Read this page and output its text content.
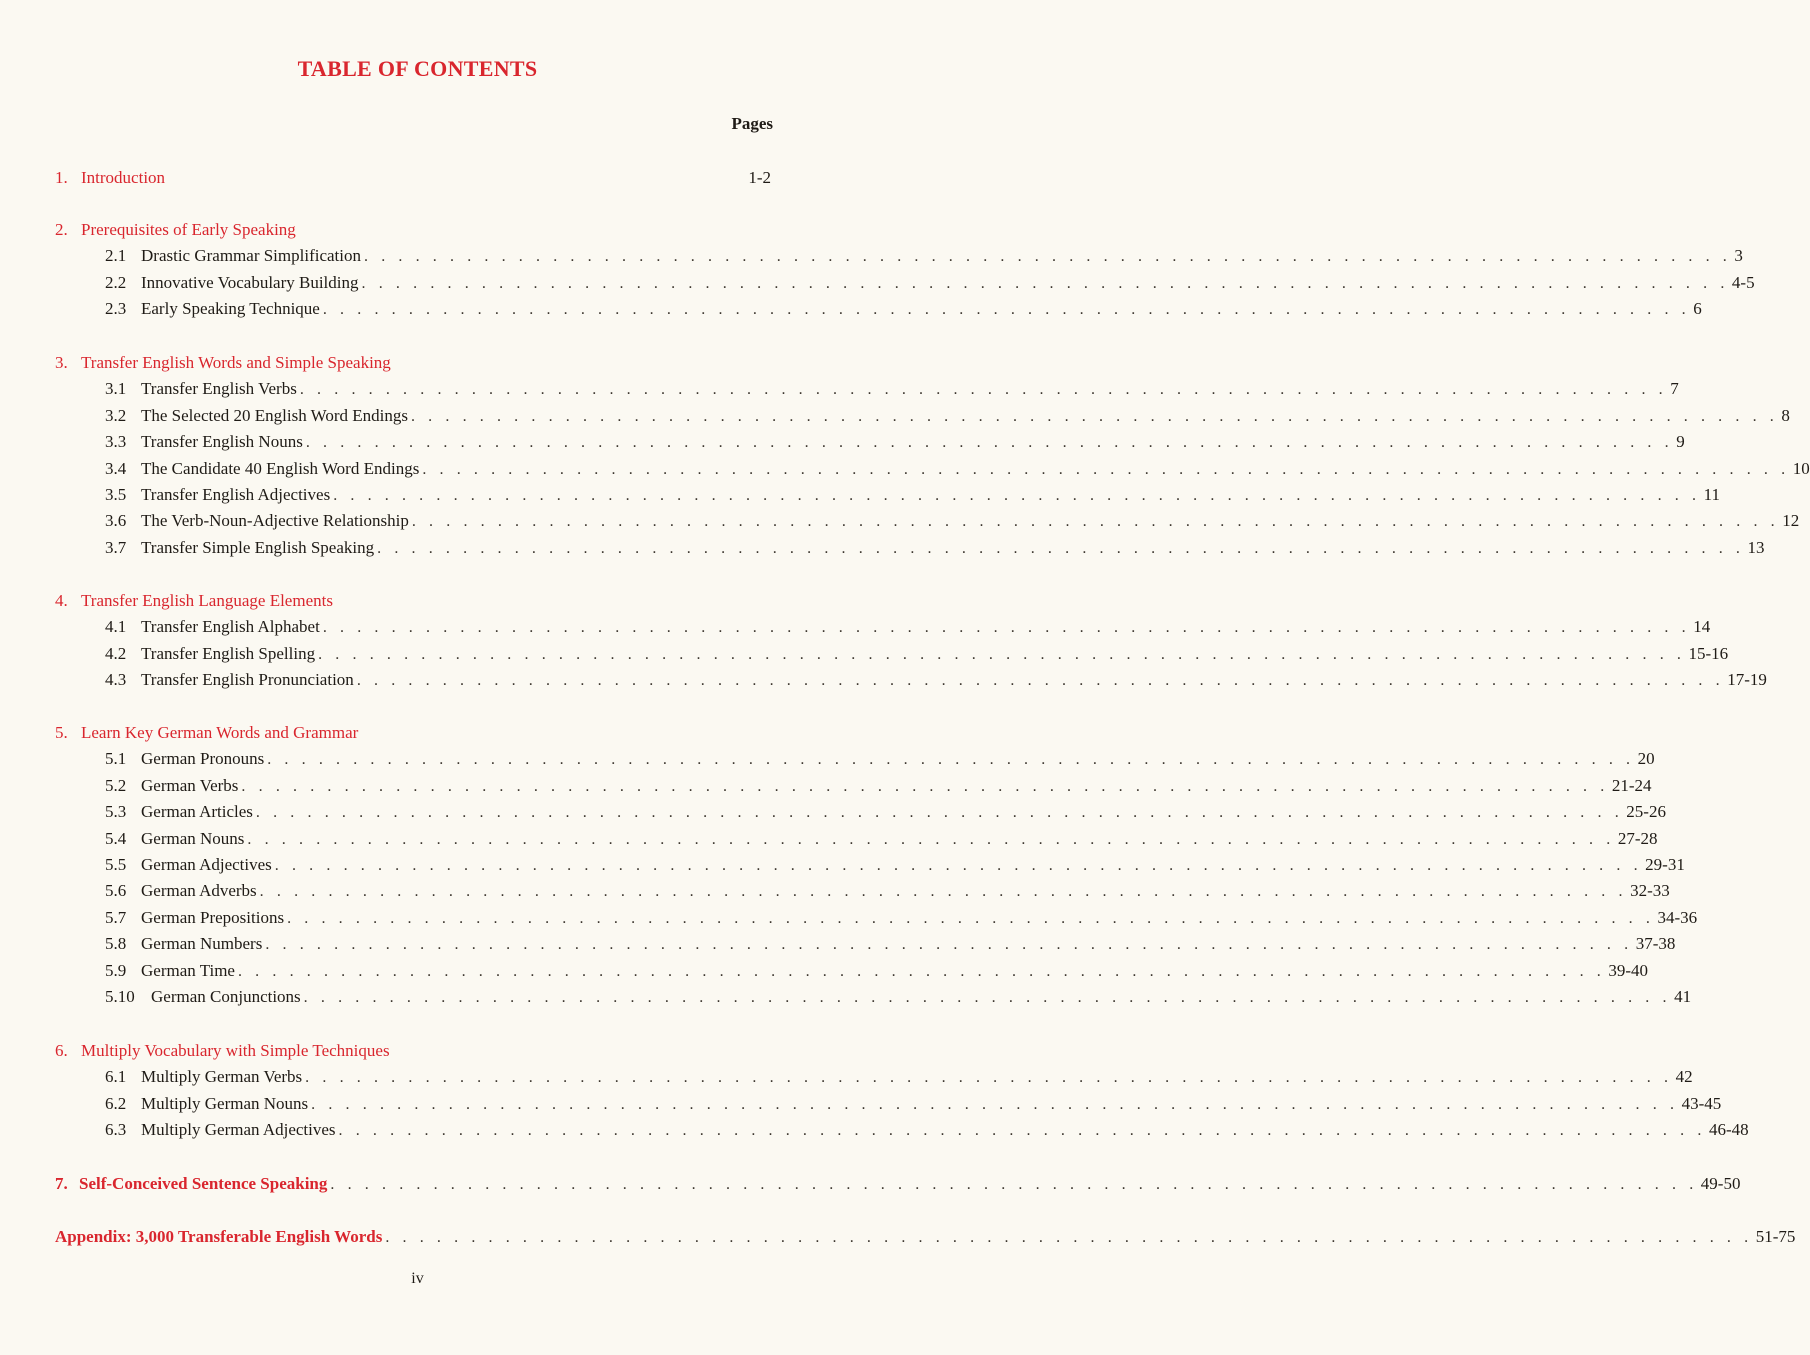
TABLE OF CONTENTS
Pages
1. Introduction	1-2
2. Prerequisites of Early Speaking
2.1 Drastic Grammar Simplification . . . . . . . . . . . . . . . . . . . . . . . . . . . . . . . . . . . . . . . . . . . . . . . . . . . . . . . . . . . . . . . . . . . . . . . . . . . . . . . . 3
2.2 Innovative Vocabulary Building . . . . . . . . . . . . . . . . . . . . . . . . . . . . . . . . . . . . . . . . . . . . . . . . . . . . . . . . . . . . . . . . . . . . . . . . . . . . . . . . 4-5
2.3 Early Speaking Technique . . . . . . . . . . . . . . . . . . . . . . . . . . . . . . . . . . . . . . . . . . . . . . . . . . . . . . . . . . . . . . . . . . . . . . . . . . . . . . . . 6
3. Transfer English Words and Simple Speaking
3.1 Transfer English Verbs . . . . . . . . . . . . . . . . . . . . . . . . . . . . . . . . . . . . . . . . . . . . . . . . . . . . . . . . . . . . . . . . . . . . . . . . . . . . . . . . 7
3.2 The Selected 20 English Word Endings . . . . . . . . . . . . . . . . . . . . . . . . . . . . . . . . . . . . . . . . . . . . . . . . . . . . . . . . . . . . . . . . . . . . . . . . . . . . . . . . 8
3.3 Transfer English Nouns . . . . . . . . . . . . . . . . . . . . . . . . . . . . . . . . . . . . . . . . . . . . . . . . . . . . . . . . . . . . . . . . . . . . . . . . . . . . . . . . 9
3.4 The Candidate 40 English Word Endings . . . . . . . . . . . . . . . . . . . . . . . . . . . . . . . . . . . . . . . . . . . . . . . . . . . . . . . . . . . . . . . . . . . . . . . . . . . . . . . . 10
3.5 Transfer English Adjectives . . . . . . . . . . . . . . . . . . . . . . . . . . . . . . . . . . . . . . . . . . . . . . . . . . . . . . . . . . . . . . . . . . . . . . . . . . . . . . . . 11
3.6 The Verb-Noun-Adjective Relationship . . . . . . . . . . . . . . . . . . . . . . . . . . . . . . . . . . . . . . . . . . . . . . . . . . . . . . . . . . . . . . . . . . . . . . . . . . . . . . . . 12
3.7 Transfer Simple English Speaking . . . . . . . . . . . . . . . . . . . . . . . . . . . . . . . . . . . . . . . . . . . . . . . . . . . . . . . . . . . . . . . . . . . . . . . . . . . . . . . . 13
4. Transfer English Language Elements
4.1 Transfer English Alphabet . . . . . . . . . . . . . . . . . . . . . . . . . . . . . . . . . . . . . . . . . . . . . . . . . . . . . . . . . . . . . . . . . . . . . . . . . . . . . . . . 14
4.2 Transfer English Spelling . . . . . . . . . . . . . . . . . . . . . . . . . . . . . . . . . . . . . . . . . . . . . . . . . . . . . . . . . . . . . . . . . . . . . . . . . . . . . . . . 15-16
4.3 Transfer English Pronunciation . . . . . . . . . . . . . . . . . . . . . . . . . . . . . . . . . . . . . . . . . . . . . . . . . . . . . . . . . . . . . . . . . . . . . . . . . . . . . . . . 17-19
5. Learn Key German Words and Grammar
5.1 German Pronouns . . . . . . . . . . . . . . . . . . . . . . . . . . . . . . . . . . . . . . . . . . . . . . . . . . . . . . . . . . . . . . . . . . . . . . . . . . . . . . . . 20
5.2 German Verbs . . . . . . . . . . . . . . . . . . . . . . . . . . . . . . . . . . . . . . . . . . . . . . . . . . . . . . . . . . . . . . . . . . . . . . . . . . . . . . . . 21-24
5.3 German Articles . . . . . . . . . . . . . . . . . . . . . . . . . . . . . . . . . . . . . . . . . . . . . . . . . . . . . . . . . . . . . . . . . . . . . . . . . . . . . . . . 25-26
5.4 German Nouns . . . . . . . . . . . . . . . . . . . . . . . . . . . . . . . . . . . . . . . . . . . . . . . . . . . . . . . . . . . . . . . . . . . . . . . . . . . . . . . . 27-28
5.5 German Adjectives . . . . . . . . . . . . . . . . . . . . . . . . . . . . . . . . . . . . . . . . . . . . . . . . . . . . . . . . . . . . . . . . . . . . . . . . . . . . . . . . 29-31
5.6 German Adverbs . . . . . . . . . . . . . . . . . . . . . . . . . . . . . . . . . . . . . . . . . . . . . . . . . . . . . . . . . . . . . . . . . . . . . . . . . . . . . . . . 32-33
5.7 German Prepositions . . . . . . . . . . . . . . . . . . . . . . . . . . . . . . . . . . . . . . . . . . . . . . . . . . . . . . . . . . . . . . . . . . . . . . . . . . . . . . . . 34-36
5.8 German Numbers . . . . . . . . . . . . . . . . . . . . . . . . . . . . . . . . . . . . . . . . . . . . . . . . . . . . . . . . . . . . . . . . . . . . . . . . . . . . . . . . 37-38
5.9 German Time . . . . . . . . . . . . . . . . . . . . . . . . . . . . . . . . . . . . . . . . . . . . . . . . . . . . . . . . . . . . . . . . . . . . . . . . . . . . . . . . 39-40
5.10 German Conjunctions . . . . . . . . . . . . . . . . . . . . . . . . . . . . . . . . . . . . . . . . . . . . . . . . . . . . . . . . . . . . . . . . . . . . . . . . . . . . . . . . 41
6. Multiply Vocabulary with Simple Techniques
6.1 Multiply German Verbs . . . . . . . . . . . . . . . . . . . . . . . . . . . . . . . . . . . . . . . . . . . . . . . . . . . . . . . . . . . . . . . . . . . . . . . . . . . . . . . . 42
6.2 Multiply German Nouns . . . . . . . . . . . . . . . . . . . . . . . . . . . . . . . . . . . . . . . . . . . . . . . . . . . . . . . . . . . . . . . . . . . . . . . . . . . . . . . . 43-45
6.3 Multiply German Adjectives . . . . . . . . . . . . . . . . . . . . . . . . . . . . . . . . . . . . . . . . . . . . . . . . . . . . . . . . . . . . . . . . . . . . . . . . . . . . . . . . 46-48
7. Self-Conceived Sentence Speaking . . . . . . . . . . . . . . . . . . . . . . . . . . . . . . . . . . . . . . . . . . . . . . . . . . . . . . . . . . . . . . . . . . . . . . . . . . . . . . . . 49-50
Appendix: 3,000 Transferable English Words . . . . . . . . . . . . . . . . . . . . . . . . . . . . . . . . . . . . . . . . . . . . . . . . . . . . . . . . . . . . . . . . . . . . . . . . . . . . . . . . 51-75
iv
